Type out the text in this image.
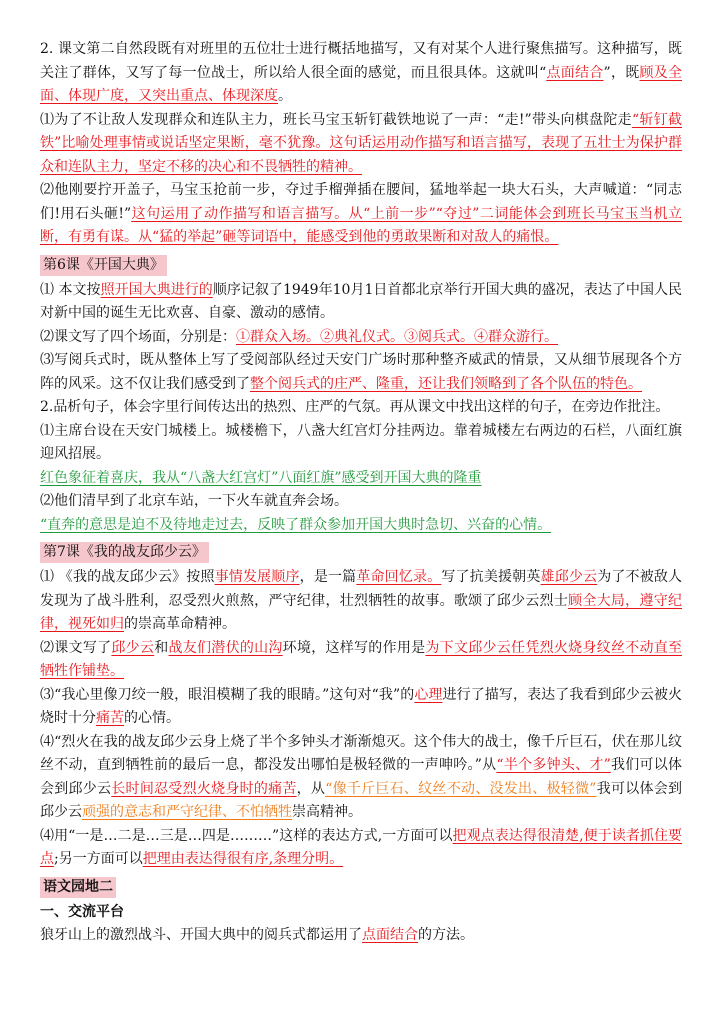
2. 课文第二自然段既有对班里的五位壮士进行概括地描写，又有对某个人进行聚焦描写。这种描写，既关注了群体，又写了每一位战士，所以给人很全面的感觉，而且很具体。这就叫“点面结合”，既顾及全面、体现广度，又突出重点、体现深度。

⑴为了不让敌人发现群众和连队主力，班长马宝玉斩钉截铁地说了一声：“走!”带头向棋盘陀走“斩钉截铁”比喻处理事情或说话坚定果断，毫不犹豫。这句话运用动作描写和语言描写，表现了五壮士为保护群众和连队主力，坚定不移的决心和不畏牺牲的精神。

⑵他刚要拧开盖子，马宝玉抢前一步，夺过手榴弹插在腰间，猛地举起一块大石头，大声喊道：“同志们!用石头砸!”这句运用了动作描写和语言描写。从“上前一步”“夺过”二词能体会到班长马宝玉当机立断，有勇有谋。从“猛的举起”砸等词语中，能感受到他的勇敢果断和对敌人的痛恨。

第6课《开国大典》

⑴ 本文按照开国大典进行的顺序记叙了1949年10月1日首都北京举行开国大典的盛况，表达了中国人民对新中国的诞生无比欢喜、自豪、激动的感情。

⑵课文写了四个场面，分别是：①群众入场。②典礼仪式。③阅兵式。④群众游行。

⑶写阅兵式时，既从整体上写了受阅部队经过天安门广场时那种整齐威武的情景，又从细节展现各个方阵的风采。这不仅让我们感受到了整个阅兵式的庄严、隆重，还让我们领略到了各个队伍的特色。

2.品析句子，体会字里行间传达出的热烈、庄严的气氛。再从课文中找出这样的句子，在旁边作批注。

⑴主席台设在天安门城楼上。城楼檐下，八盏大红宫灯分挂两边。靠着城楼左右两边的石栏，八面红旗迎风招展。

红色象征着喜庆，我从“八盏大红宫灯”八面红旗”感受到开国大典的隆重

⑵他们清早到了北京车站，一下火车就直奔会场。

“直奔的意思是迫不及待地走过去，反映了群众参加开国大典时急切、兴奋的心情。

第7课《我的战友邱少云》

⑴ 《我的战友邱少云》按照事情发展顺序，是一篇革命回忆录。写了抗美援朝英雄邱少云为了不被敌人发现为了战斗胜利，忍受烈火煎熬，严守纪律，壮烈牺牲的故事。歌颂了邱少云烈士顾全大局，遵守纪律，视死如归的崇高革命精神。

⑵课文写了邱少云和战友们潜伏的山沟环境，这样写的作用是为下文邱少云任凭烈火烧身纹丝不动直至牺牲作铺垫。

⑶“我心里像刀绞一般，眼泪模糊了我的眼睛。”这句对“我”的心理进行了描写，表达了我看到邱少云被火烧时十分痛苦的心情。

⑷“烈火在我的战友邱少云身上烧了半个多钟头才渐渐熄灭。这个伟大的战士，像千斤巨石，伏在那儿纹丝不动，直到牺牲前的最后一息，都没发出哪怕是极轻微的一声呻吟。”从“半个多钟头、才”我们可以体会到邱少云长时间忍受烈火烧身时的痛苦，从“像千斤巨石、纹丝不动、没发出、极轻微”我可以体会到邱少云顽强的意志和严守纪律、不怕牺牲崇高精神。

⑷用“一是…二是…三是…四是………”这样的表达方式,一方面可以把观点表达得很清楚,便于读者抓住要点;另一方面可以把理由表达得很有序,条理分明。

语文园地二

一、交流平台

狼牙山上的激烈战斗、开国大典中的阅兵式都运用了点面结合的方法。
